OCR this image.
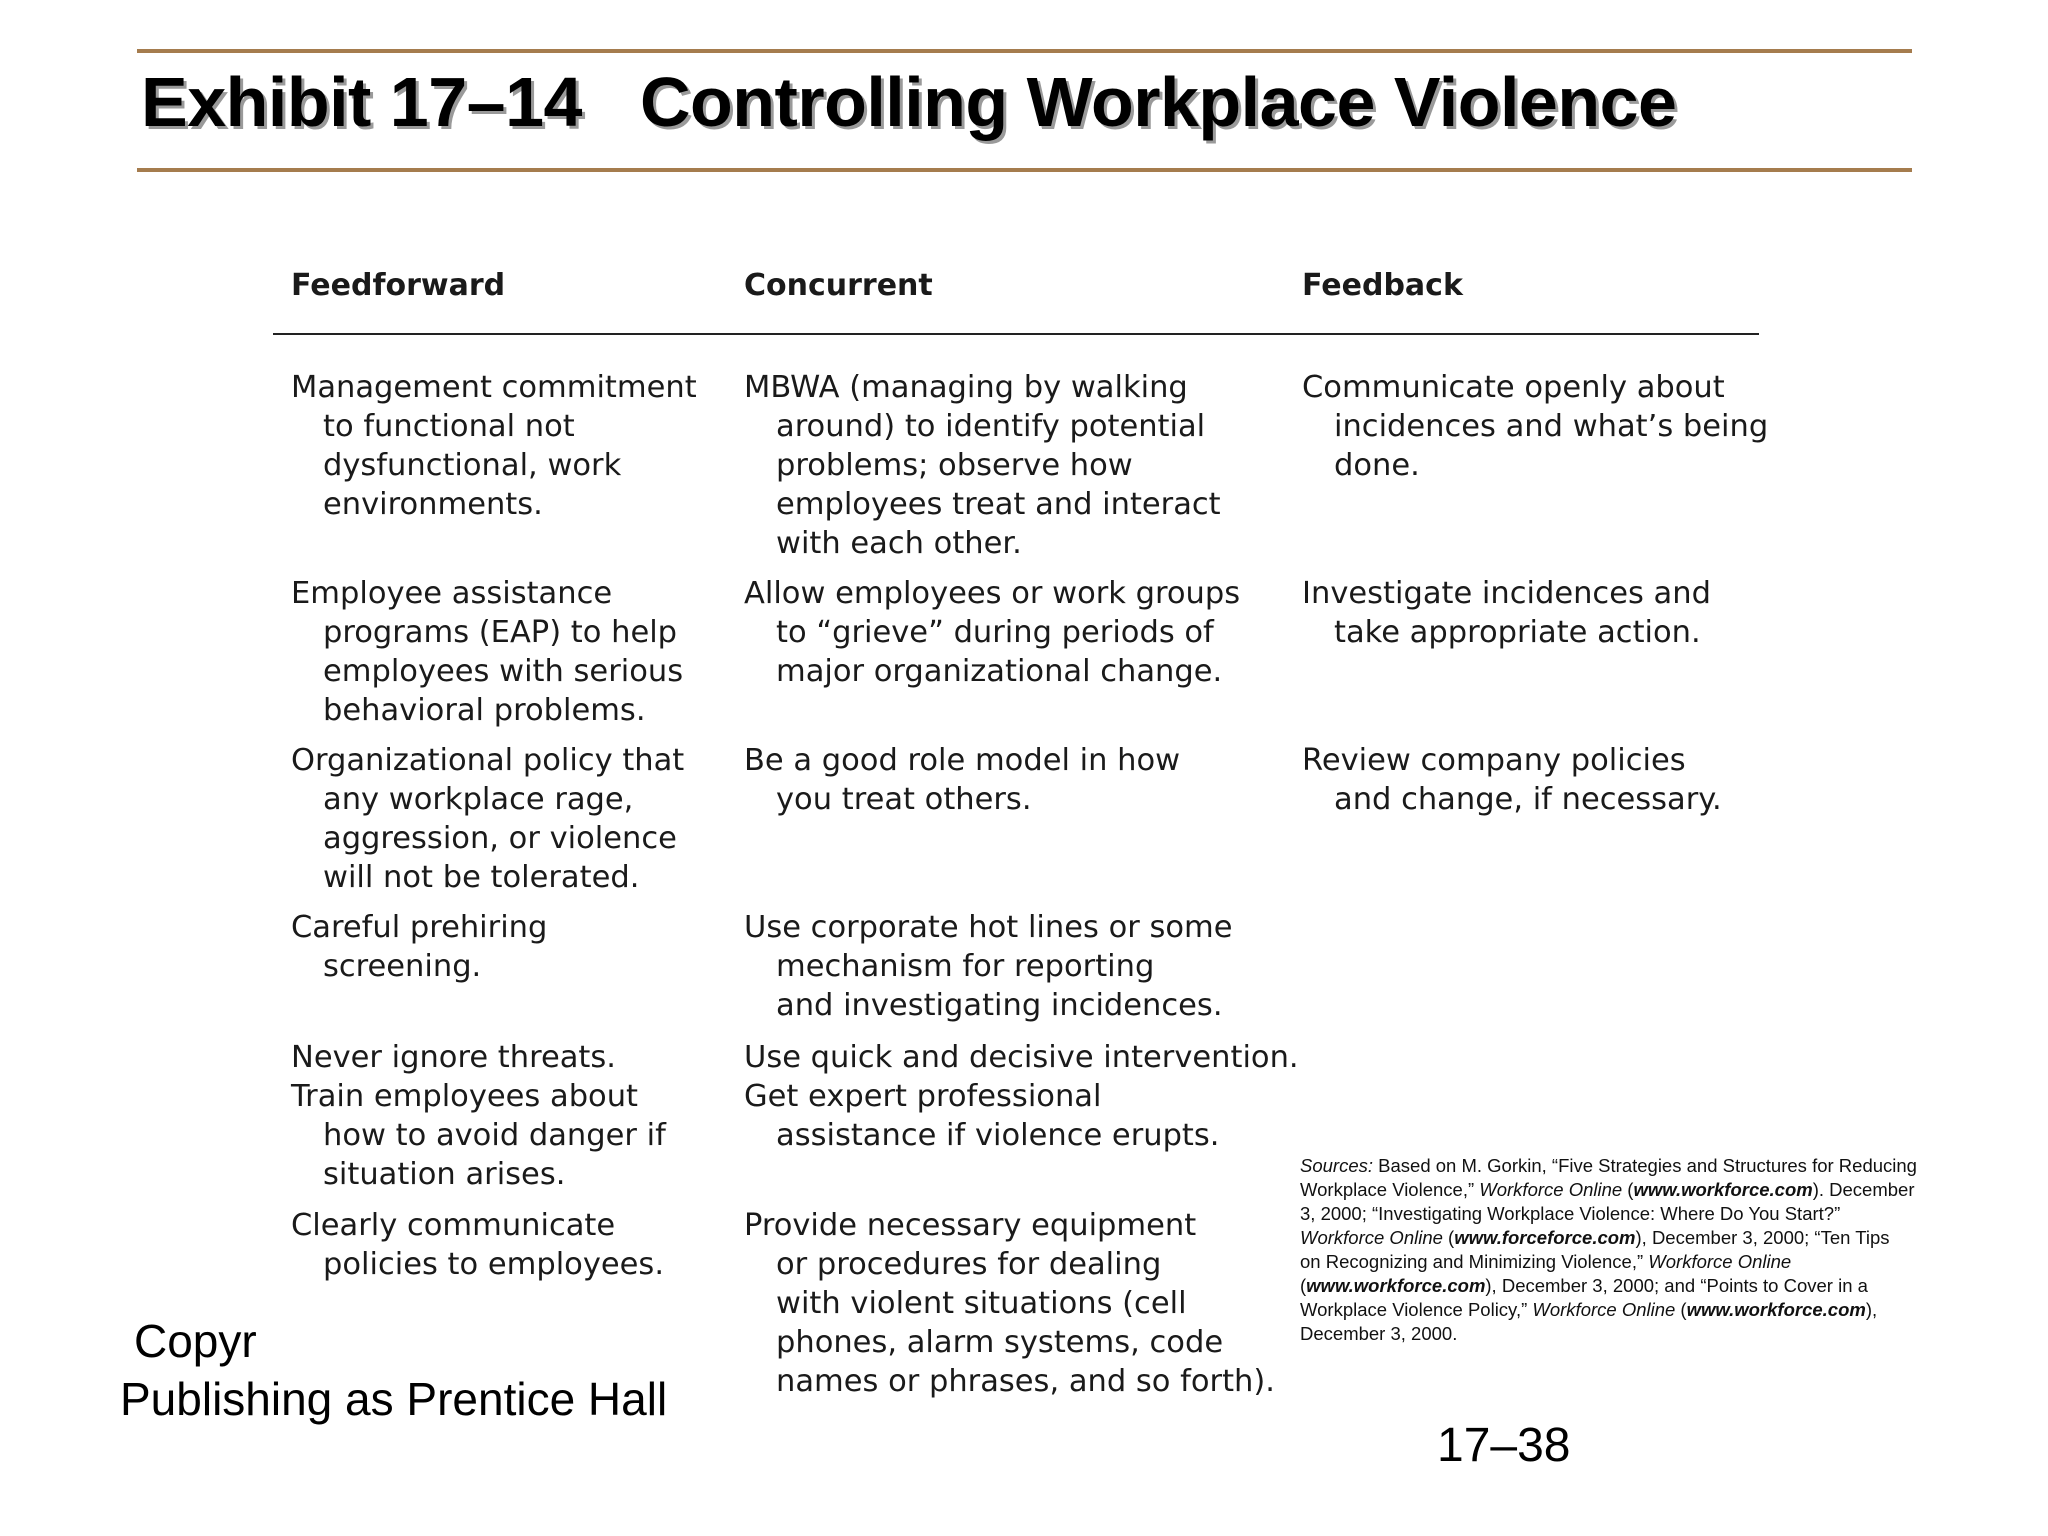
Exhibit 17–14 Controlling Workplace Violence
Feedforward	Concurrent	Feedback
Management commitment
to functional not
dysfunctional, work
environments.
Employee assistance
programs (EAP) to help
employees with serious
behavioral problems.
Organizational policy that
any workplace rage,
aggression, or violence
will not be tolerated.
Careful prehiring
screening.
Never ignore threats.
Train employees about
how to avoid danger if
situation arises.
Clearly communicate
policies to employees.
MBWA (managing by walking
around) to identify potential
problems; observe how
employees treat and interact
with each other.
Allow employees or work groups
to “grieve” during periods of
major organizational change.
Be a good role model in how
you treat others.
Use corporate hot lines or some
mechanism for reporting
and investigating incidences.
Use quick and decisive intervention.
Get expert professional
assistance if violence erupts.
Provide necessary equipment
or procedures for dealing
with violent situations (cell
phones, alarm systems, code
names or phrases, and so forth).
Communicate openly about
incidences and what’s being
done.
Investigate incidences and
take appropriate action.
Review company policies
and change, if necessary.
Sources: Based on M. Gorkin, “Five Strategies and Structures for Reducing
Workplace Violence,” Workforce Online (www.workforce.com). December
3, 2000; “Investigating Workplace Violence: Where Do You Start?”
Workforce Online (www.forceforce.com), December 3, 2000; “Ten Tips
on Recognizing and Minimizing Violence,” Workforce Online
(www.workforce.com), December 3, 2000; and “Points to Cover in a
Workplace Violence Policy,” Workforce Online (www.workforce.com),
December 3, 2000.
Copyr
Publishing as Prentice Hall
17–38
